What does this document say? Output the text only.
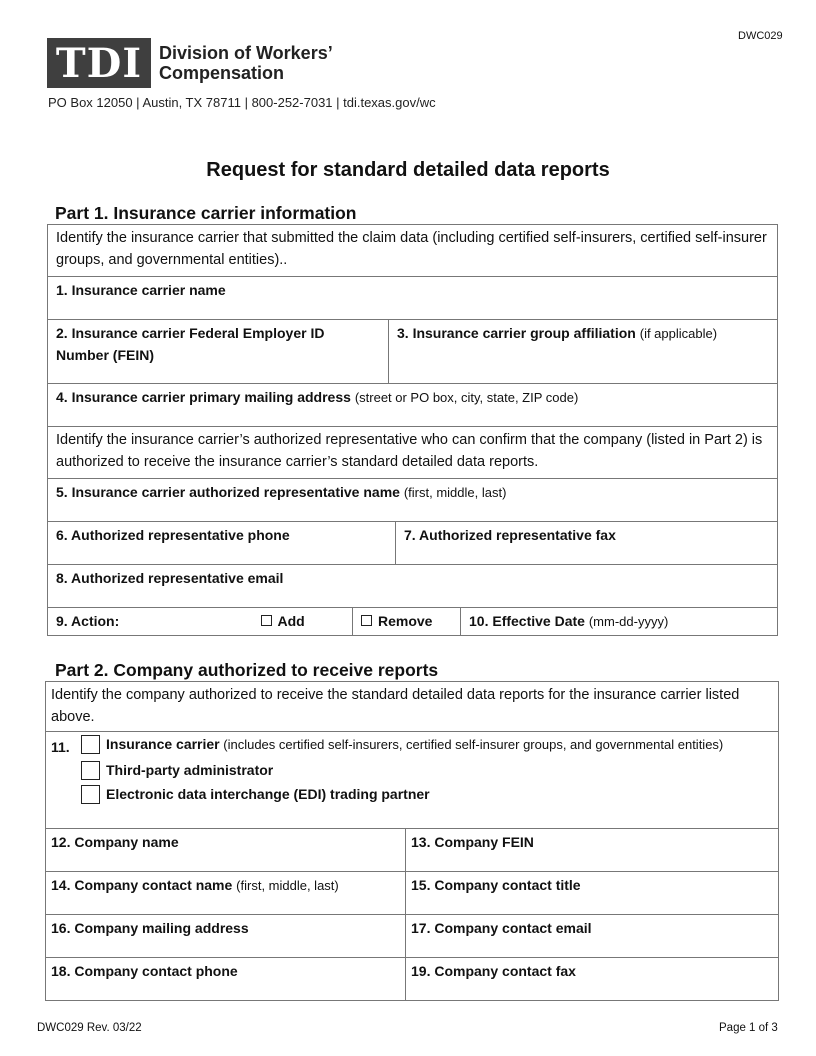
DWC029
TDI Division of Workers’
Compensation
PO Box 12050 | Austin, TX 78711 | 800-252-7031 | tdi.texas.gov/wc
Request for standard detailed data reports
Part 1. Insurance carrier information
Identify the insurance carrier that submitted the claim data (including certified self-insurers, certified self-insurer groups, and governmental entities)..					
1. Insurance carrier name					
2. Insurance carrier Federal Employer ID Number (FEIN)			3. Insurance carrier group affiliation (if applicable)		
4. Insurance carrier primary mailing address (street or PO box, city, state, ZIP code)					
Identify the insurance carrier’s authorized representative who can confirm that the company (listed in Part 2) is authorized to receive the insurance carrier’s standard detailed data reports.					
5. Insurance carrier authorized representative name (first, middle, last)					
6. Authorized representative phone				7. Authorized representative fax	
8. Authorized representative email					
9. Action:	Add	Remove			10. Effective Date (mm-dd-yyyy)
Part 2. Company authorized to receive reports
Identify the company authorized to receive the standard detailed data reports for the insurance carrier listed above.	

11. Insurance carrier (includes certified self-insurers, certified self-insurer groups, and governmental entities)
Third-party administrator
Electronic data interchange (EDI) trading partner	

12. Company name	13. Company FEIN
14. Company contact name (first, middle, last)	15. Company contact title
16. Company mailing address	17. Company contact email
18. Company contact phone	19. Company contact fax
DWC029 Rev. 03/22	Page 1 of 3
